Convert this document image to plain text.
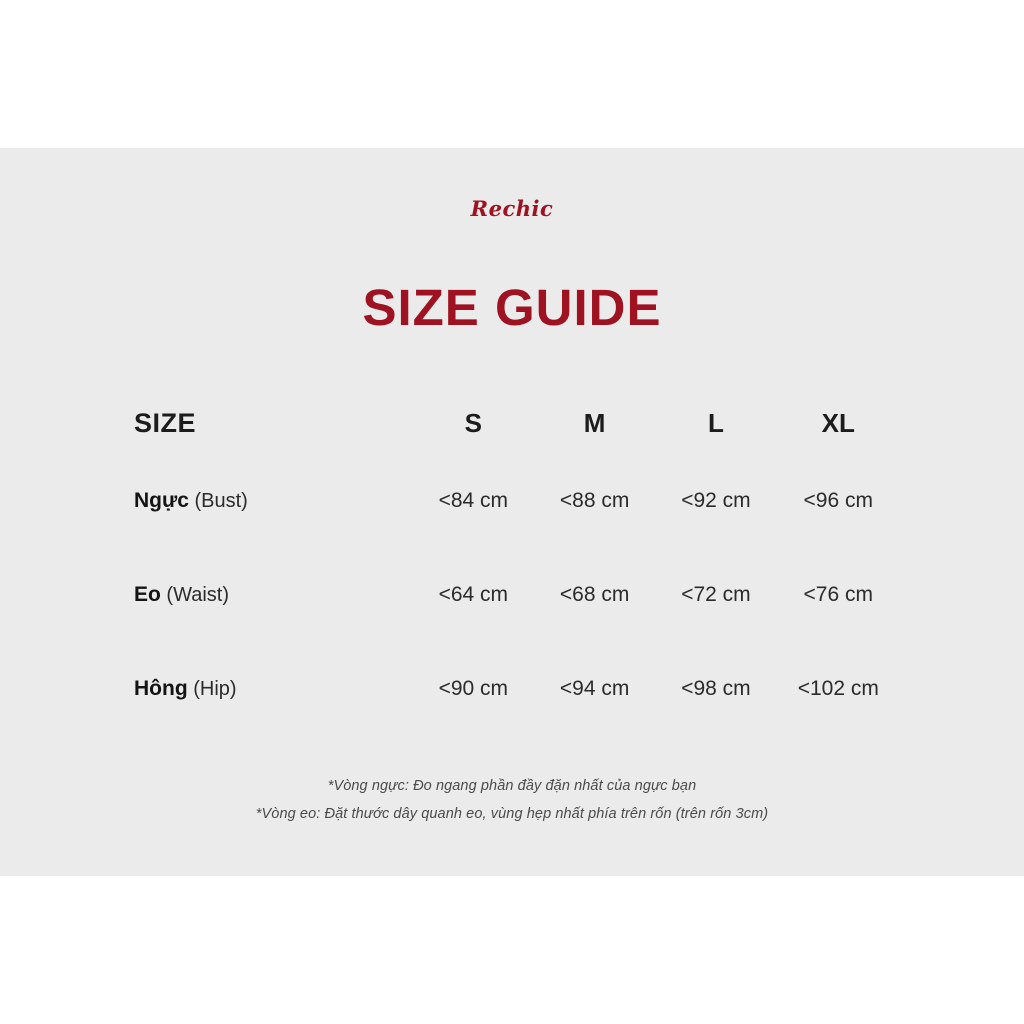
Rechic
SIZE GUIDE
SIZE	S	M	L	XL
Ngực (Bust)	<84 cm	<88 cm	<92 cm	<96 cm
Eo (Waist)	<64 cm	<68 cm	<72 cm	<76 cm
Hông (Hip)	<90 cm	<94 cm	<98 cm	<102 cm
*Vòng ngực: Đo ngang phần đầy đặn nhất của ngực bạn
*Vòng eo: Đặt thước dây quanh eo, vùng hẹp nhất phía trên rốn (trên rốn 3cm)
